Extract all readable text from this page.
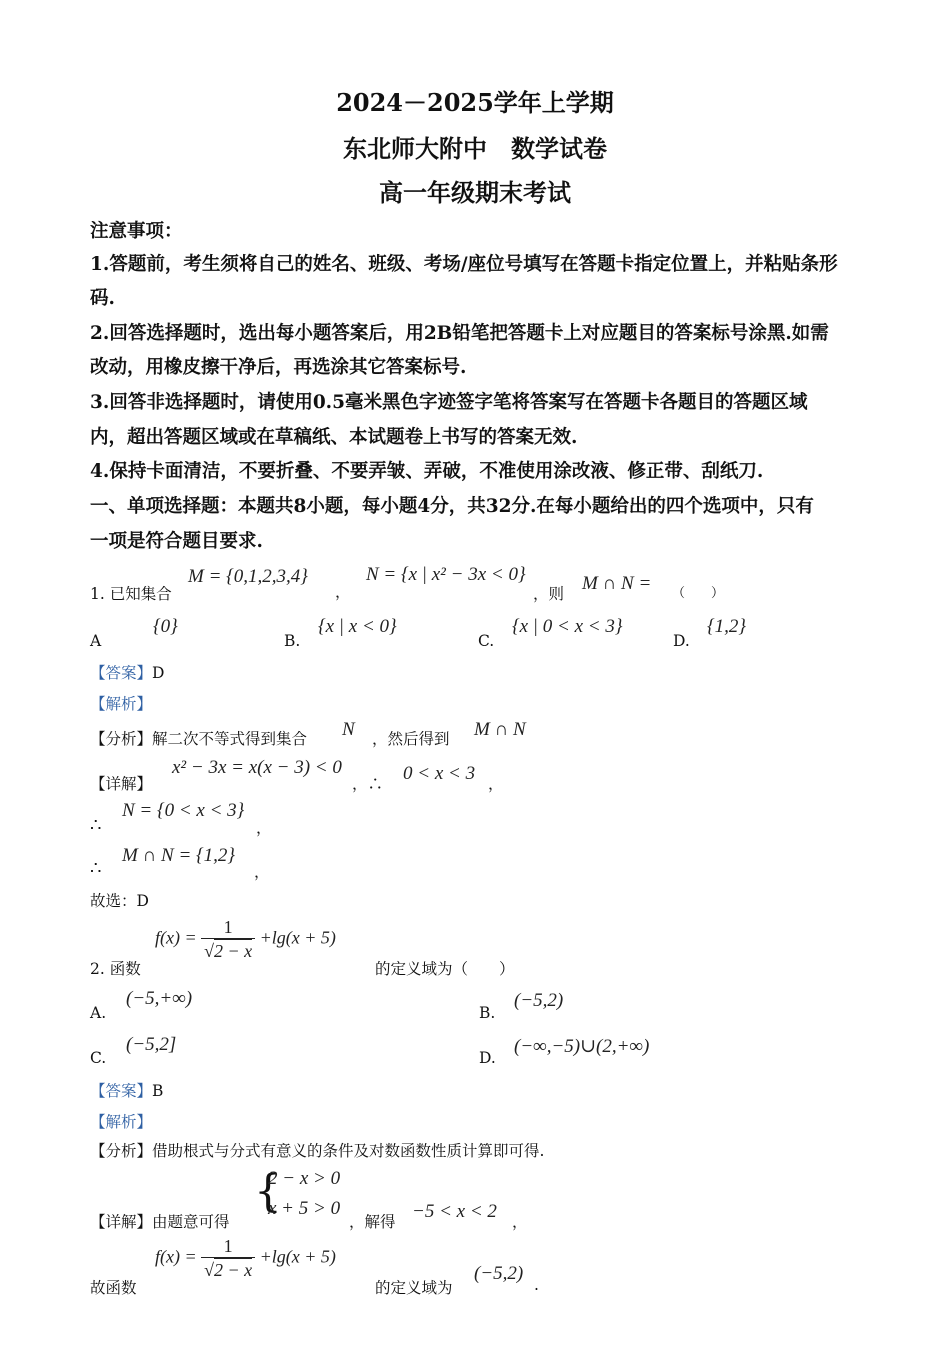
2024－2025学年上学期
东北师大附中　数学试卷
高一年级期末考试
注意事项：
1.答题前，考生须将自己的姓名、班级、考场/座位号填写在答题卡指定位置上，并粘贴条形
码.
2.回答选择题时，选出每小题答案后，用2B铅笔把答题卡上对应题目的答案标号涂黑.如需
改动，用橡皮擦干净后，再选涂其它答案标号.
3.回答非选择题时，请使用0.5毫米黑色字迹签字笔将答案写在答题卡各题目的答题区域
内，超出答题区域或在草稿纸、本试题卷上书写的答案无效.
4.保持卡面清洁，不要折叠、不要弄皱、弄破，不准使用涂改液、修正带、刮纸刀.
一、单项选择题：本题共8小题，每小题4分，共32分.在每小题给出的四个选项中，只有
一项是符合题目要求.
1. 已知集合
M = {0,1,2,3,4}
，
N = {x | x² − 3x < 0}
，则 M ∩ N = （　　）
A
{0}
B.
{x | x < 0}
C.
{x | 0 < x < 3}
D.
{1,2}
【答案】D
【解析】
【分析】解二次不等式得到集合 N ，然后得到 M ∩ N
【详解】
x² − 3x = x(x − 3) < 0
，∴ 0 < x < 3 ，
∴
N = {0 < x < 3}
，
∴
M ∩ N = {1,2}
，
故选：D
2. 函数
$f(x) = \frac{1}{√2 - x} +\lg(x + 5)$
的定义域为（　　）
A.
(−5,+∞)
B.
(−5,2)
C.
(−5,2]
D.
(−∞,−5)∪(2,+∞)
【答案】B
【解析】
【分析】借助根式与分式有意义的条件及对数函数性质计算即可得.
【详解】由题意可得
{
2 − x > 0
x + 5 > 0
，解得 −5 < x < 2 ，
故函数
$f(x) = \frac{1}{√2 - x} +\lg(x + 5)$
的定义域为
(−5,2)
.
